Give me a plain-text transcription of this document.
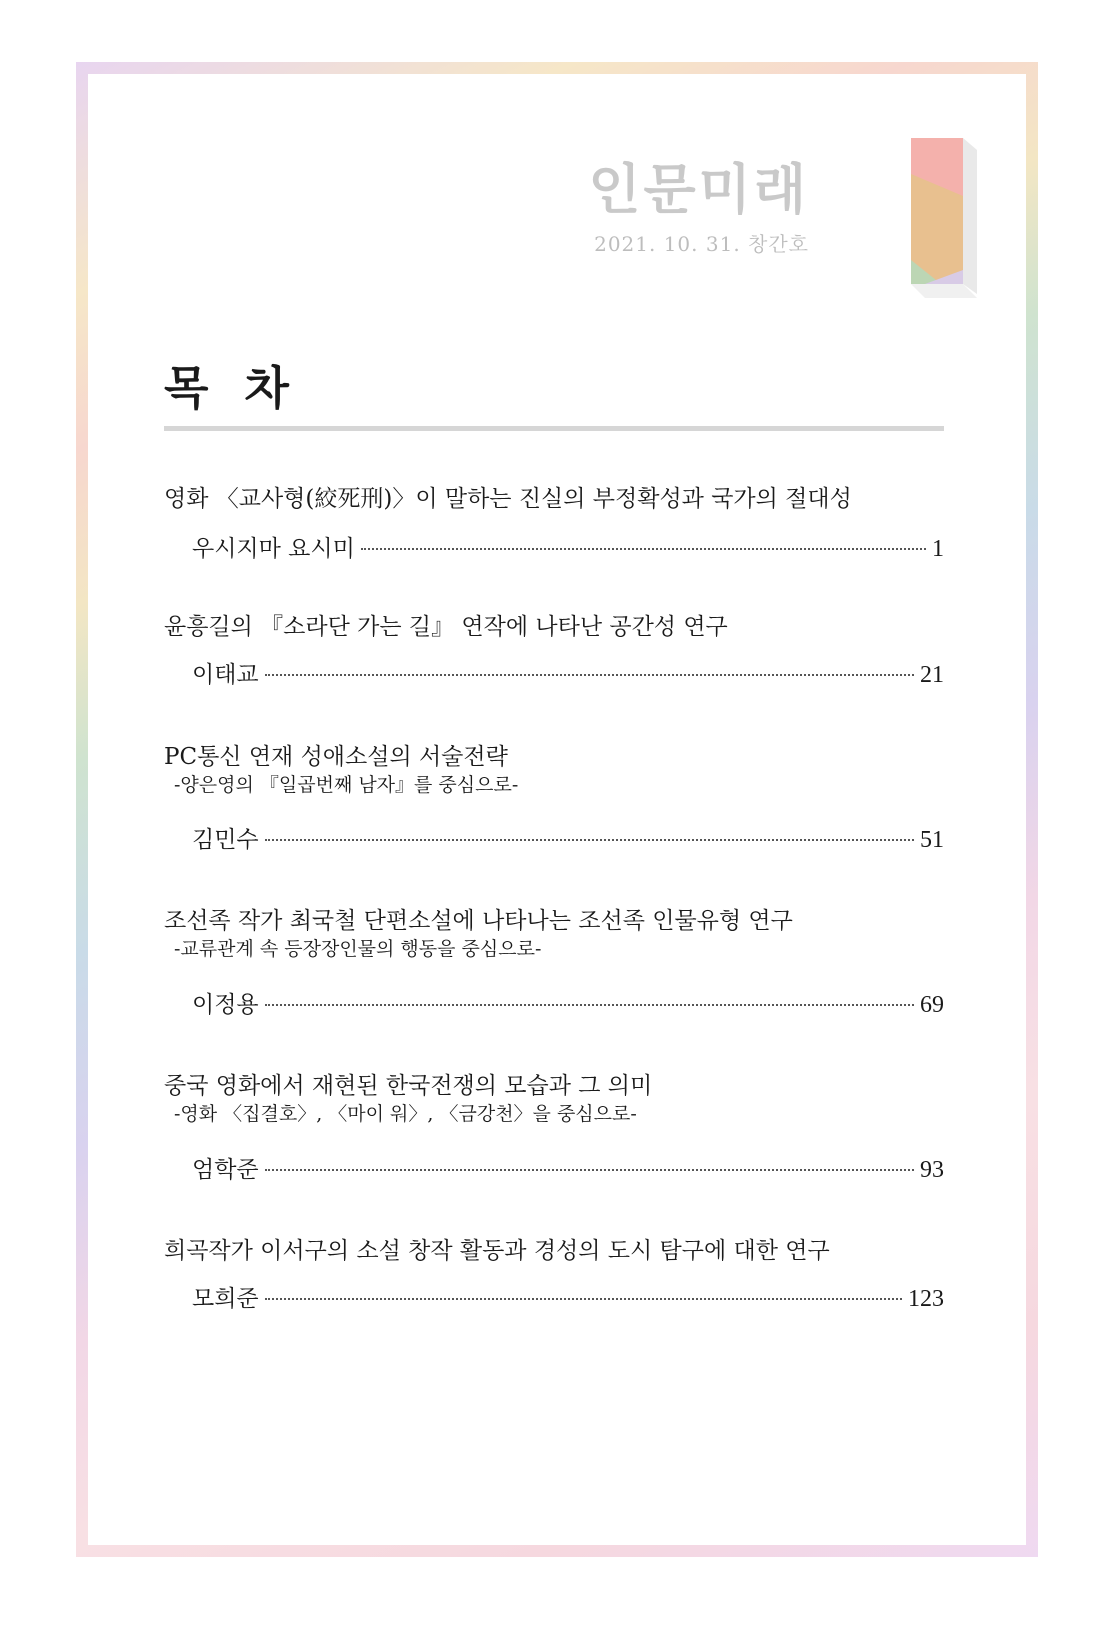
인문미래
2021. 10. 31. 창간호
목 차
영화 〈교사형(絞死刑)〉이 말하는 진실의 부정확성과 국가의 절대성
우시지마 요시미	1
윤흥길의 『소라단 가는 길』 연작에 나타난 공간성 연구
이태교	21
PC통신 연재 성애소설의 서술전략
-양은영의 『일곱번째 남자』를 중심으로-
김민수	51
조선족 작가 최국철 단편소설에 나타나는 조선족 인물유형 연구
-교류관계 속 등장장인물의 행동을 중심으로-
이정용	69
중국 영화에서 재현된 한국전쟁의 모습과 그 의미
-영화 〈집결호〉, 〈마이 워〉, 〈금강천〉을 중심으로-
엄학준	93
희곡작가 이서구의 소설 창작 활동과 경성의 도시 탐구에 대한 연구
모희준	123
